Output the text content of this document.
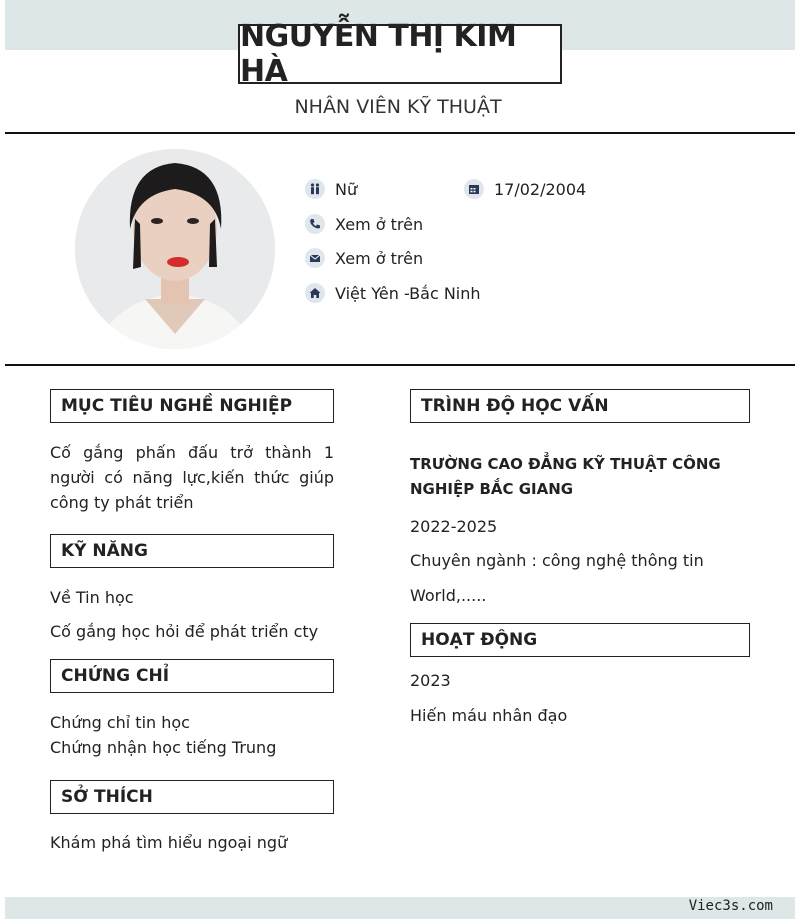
NGUYỄN THỊ KIM HÀ
NHÂN VIÊN KỸ THUẬT
Nữ	17/02/2004
Xem ở trên
Xem ở trên
Việt Yên -Bắc Ninh
MỤC TIÊU NGHỀ NGHIỆP
Cố gắng phấn đấu trở thành 1 người có năng lực,kiến thức giúp công ty phát triển
KỸ NĂNG
Về Tin học
Cố gắng học hỏi để phát triển cty
CHỨNG CHỈ
Chứng chỉ tin học
Chứng nhận học tiếng Trung
SỞ THÍCH
Khám phá tìm hiểu ngoại ngữ
TRÌNH ĐỘ HỌC VẤN
TRƯỜNG CAO ĐẲNG KỸ THUẬT CÔNG NGHIỆP BẮC GIANG
2022-2025
Chuyên ngành : công nghệ thông tin
World,.....
HOẠT ĐỘNG
2023
Hiến máu nhân đạo
Viec3s.com
